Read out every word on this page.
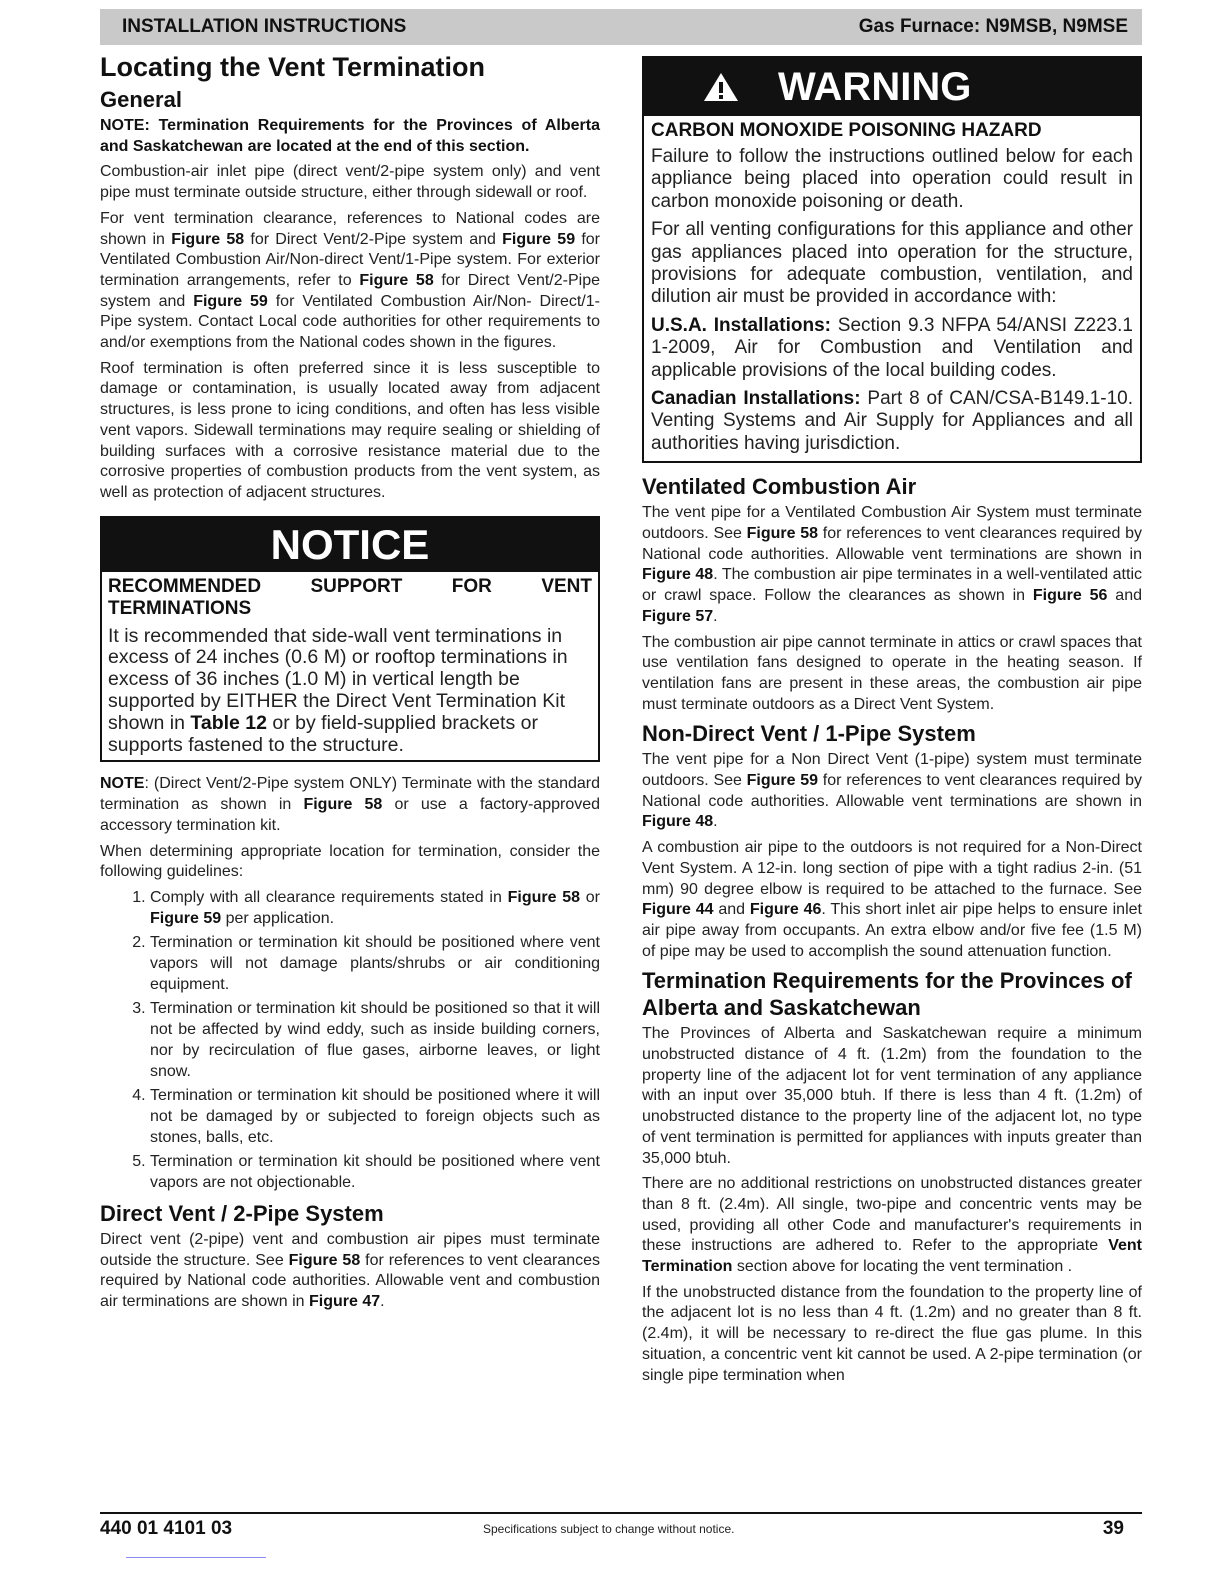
INSTALLATION INSTRUCTIONS	Gas Furnace: N9MSB, N9MSE
Locating the Vent Termination
General

NOTE: Termination Requirements for the Provinces of Alberta and Saskatchewan are located at the end of this section.

Combustion-air inlet pipe (direct vent/2-pipe system only) and vent pipe must terminate outside structure, either through sidewall or roof.

For vent termination clearance, references to National codes are shown in Figure 58 for Direct Vent/2-Pipe system and Figure 59 for Ventilated Combustion Air/Non-direct Vent/1-Pipe system. For exterior termination arrangements, refer to Figure 58 for Direct Vent/2-Pipe system and Figure 59 for Ventilated Combustion Air/Non- Direct/1-Pipe system. Contact Local code authorities for other requirements to and/or exemptions from the National codes shown in the figures.

Roof termination is often preferred since it is less susceptible to damage or contamination, is usually located away from adjacent structures, is less prone to icing conditions, and often has less visible vent vapors. Sidewall terminations may require sealing or shielding of building surfaces with a corrosive resistance material due to the corrosive properties of combustion products from the vent system, as well as protection of adjacent structures.

NOTICE
RECOMMENDED SUPPORT FOR VENT TERMINATIONS
It is recommended that side-wall vent terminations in excess of 24 inches (0.6 M) or rooftop terminations in excess of 36 inches (1.0 M) in vertical length be supported by EITHER the Direct Vent Termination Kit shown in Table 12 or by field-supplied brackets or supports fastened to the structure.

NOTE: (Direct Vent/2-Pipe system ONLY) Terminate with the standard termination as shown in Figure 58 or use a factory-approved accessory termination kit.

When determining appropriate location for termination, consider the following guidelines:

1. Comply with all clearance requirements stated in Figure 58 or Figure 59 per application.
2. Termination or termination kit should be positioned where vent vapors will not damage plants/shrubs or air conditioning equipment.
3. Termination or termination kit should be positioned so that it will not be affected by wind eddy, such as inside building corners, nor by recirculation of flue gases, airborne leaves, or light snow.
4. Termination or termination kit should be positioned where it will not be damaged by or subjected to foreign objects such as stones, balls, etc.
5. Termination or termination kit should be positioned where vent vapors are not objectionable.
Direct Vent / 2-Pipe System

Direct vent (2-pipe) vent and combustion air pipes must terminate outside the structure. See Figure 58 for references to vent clearances required by National code authorities. Allowable vent and combustion air terminations are shown in Figure 47.

WARNING
CARBON MONOXIDE POISONING HAZARD

Failure to follow the instructions outlined below for each appliance being placed into operation could result in carbon monoxide poisoning or death.

For all venting configurations for this appliance and other gas appliances placed into operation for the structure, provisions for adequate combustion, ventilation, and dilution air must be provided in accordance with:

U.S.A. Installations: Section 9.3 NFPA 54/ANSI Z223.1 1-2009, Air for Combustion and Ventilation and applicable provisions of the local building codes.

Canadian Installations: Part 8 of CAN/CSA-B149.1-10. Venting Systems and Air Supply for Appliances and all authorities having jurisdiction.

Ventilated Combustion Air

The vent pipe for a Ventilated Combustion Air System must terminate outdoors. See Figure 58 for references to vent clearances required by National code authorities. Allowable vent terminations are shown in Figure 48. The combustion air pipe terminates in a well-ventilated attic or crawl space. Follow the clearances as shown in Figure 56 and Figure 57.

The combustion air pipe cannot terminate in attics or crawl spaces that use ventilation fans designed to operate in the heating season. If ventilation fans are present in these areas, the combustion air pipe must terminate outdoors as a Direct Vent System.

Non-Direct Vent / 1-Pipe System

The vent pipe for a Non Direct Vent (1-pipe) system must terminate outdoors. See Figure 59 for references to vent clearances required by National code authorities. Allowable vent terminations are shown in Figure 48.

A combustion air pipe to the outdoors is not required for a Non-Direct Vent System. A 12-in. long section of pipe with a tight radius 2-in. (51 mm) 90 degree elbow is required to be attached to the furnace. See Figure 44 and Figure 46. This short inlet air pipe helps to ensure inlet air pipe away from occupants. An extra elbow and/or five fee (1.5 M) of pipe may be used to accomplish the sound attenuation function.

Termination Requirements for the Provinces of Alberta and Saskatchewan

The Provinces of Alberta and Saskatchewan require a minimum unobstructed distance of 4 ft. (1.2m) from the foundation to the property line of the adjacent lot for vent termination of any appliance with an input over 35,000 btuh. If there is less than 4 ft. (1.2m) of unobstructed distance to the property line of the adjacent lot, no type of vent termination is permitted for appliances with inputs greater than 35,000 btuh.

There are no additional restrictions on unobstructed distances greater than 8 ft. (2.4m). All single, two-pipe and concentric vents may be used, providing all other Code and manufacturer's requirements in these instructions are adhered to. Refer to the appropriate Vent Termination section above for locating the vent termination .

If the unobstructed distance from the foundation to the property line of the adjacent lot is no less than 4 ft. (1.2m) and no greater than 8 ft. (2.4m), it will be necessary to re-direct the flue gas plume. In this situation, a concentric vent kit cannot be used. A 2-pipe termination (or single pipe termination when

440 01 4101 03	Specifications subject to change without notice.	39
